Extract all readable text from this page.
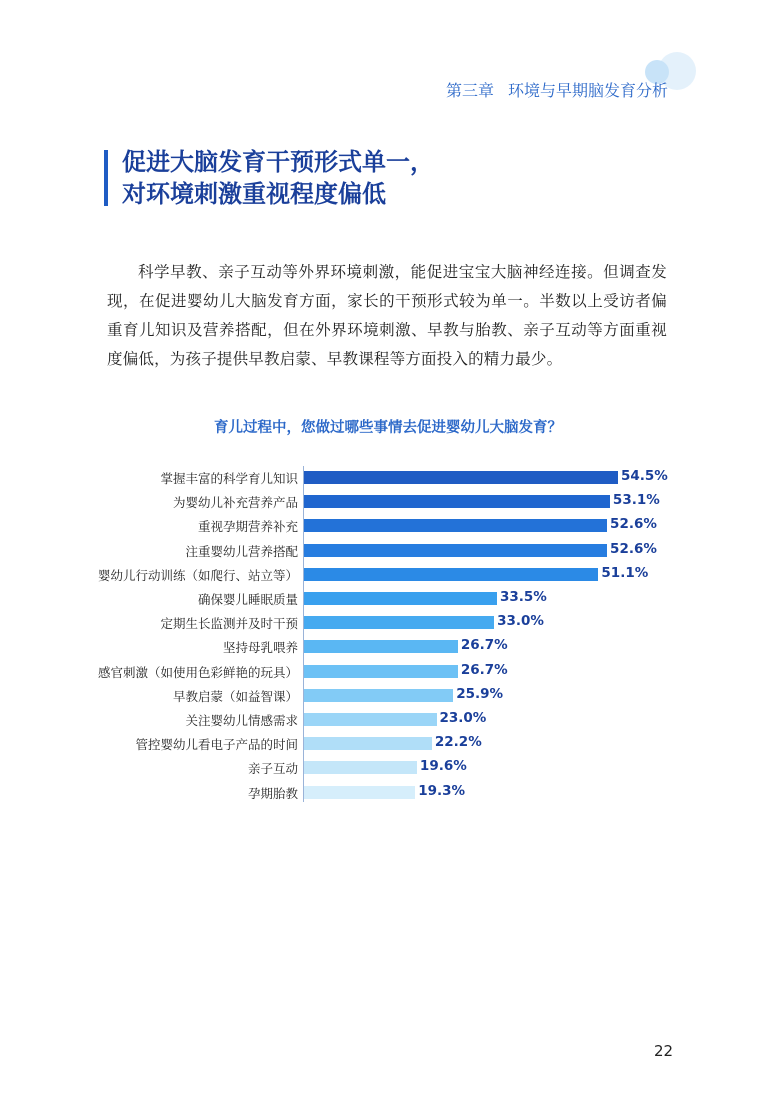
第三章 环境与早期脑发育分析
促进大脑发育干预形式单一，
对环境刺激重视程度偏低
科学早教、亲子互动等外界环境刺激，能促进宝宝大脑神经连接。但调查发现，在促进婴幼儿大脑发育方面，家长的干预形式较为单一。半数以上受访者偏重育儿知识及营养搭配，但在外界环境刺激、早教与胎教、亲子互动等方面重视度偏低，为孩子提供早教启蒙、早教课程等方面投入的精力最少。
育儿过程中，您做过哪些事情去促进婴幼儿大脑发育？
掌握丰富的科学育儿知识	54.5%
为婴幼儿补充营养产品	53.1%
重视孕期营养补充	52.6%
注重婴幼儿营养搭配	52.6%
婴幼儿行动训练（如爬行、站立等）	51.1%
确保婴儿睡眠质量	33.5%
定期生长监测并及时干预	33.0%
坚持母乳喂养	26.7%
感官刺激（如使用色彩鲜艳的玩具）	26.7%
早教启蒙（如益智课）	25.9%
关注婴幼儿情感需求	23.0%
管控婴幼儿看电子产品的时间	22.2%
亲子互动	19.6%
孕期胎教	19.3%
22
